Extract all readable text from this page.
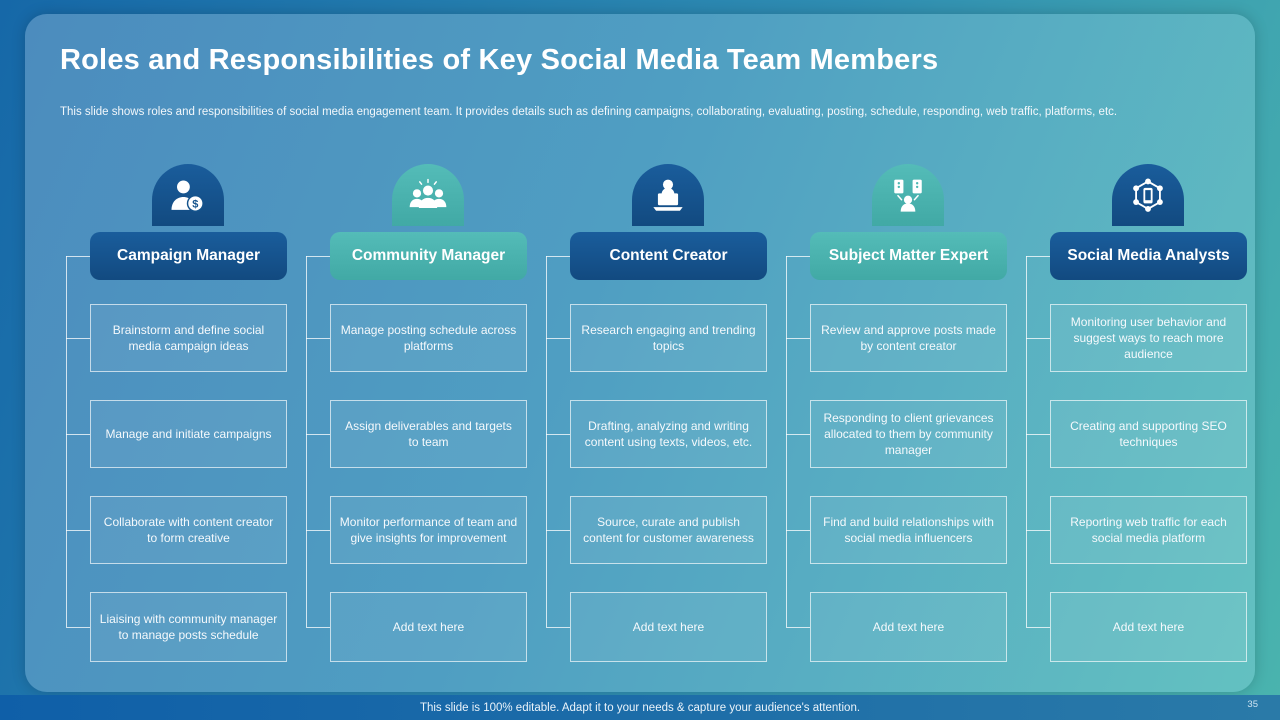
Roles and Responsibilities of Key Social Media Team Members
This slide shows roles and responsibilities of social media engagement team. It provides details such as defining campaigns, collaborating, evaluating, posting, schedule, responding, web traffic, platforms, etc.
$
Campaign Manager
Brainstorm and define social media campaign ideas
Manage and initiate campaigns
Collaborate with content creator to form creative
Liaising with community manager to manage posts schedule
Community Manager
Manage posting schedule across platforms
Assign deliverables and targets to team
Monitor performance of team and give insights for improvement
Add text here
Content Creator
Research engaging and trending topics
Drafting, analyzing and writing content using texts, videos, etc.
Source, curate and publish content for customer awareness
Add text here
Subject Matter Expert
Review and approve posts made by content creator
Responding to client grievances allocated to them by community manager
Find and build relationships with social media influencers
Add text here
Social Media Analysts
Monitoring user behavior and suggest ways to reach more audience
Creating and supporting SEO techniques
Reporting web traffic for each social media platform
Add text here
This slide is 100% editable. Adapt it to your needs & capture your audience's attention.	35
